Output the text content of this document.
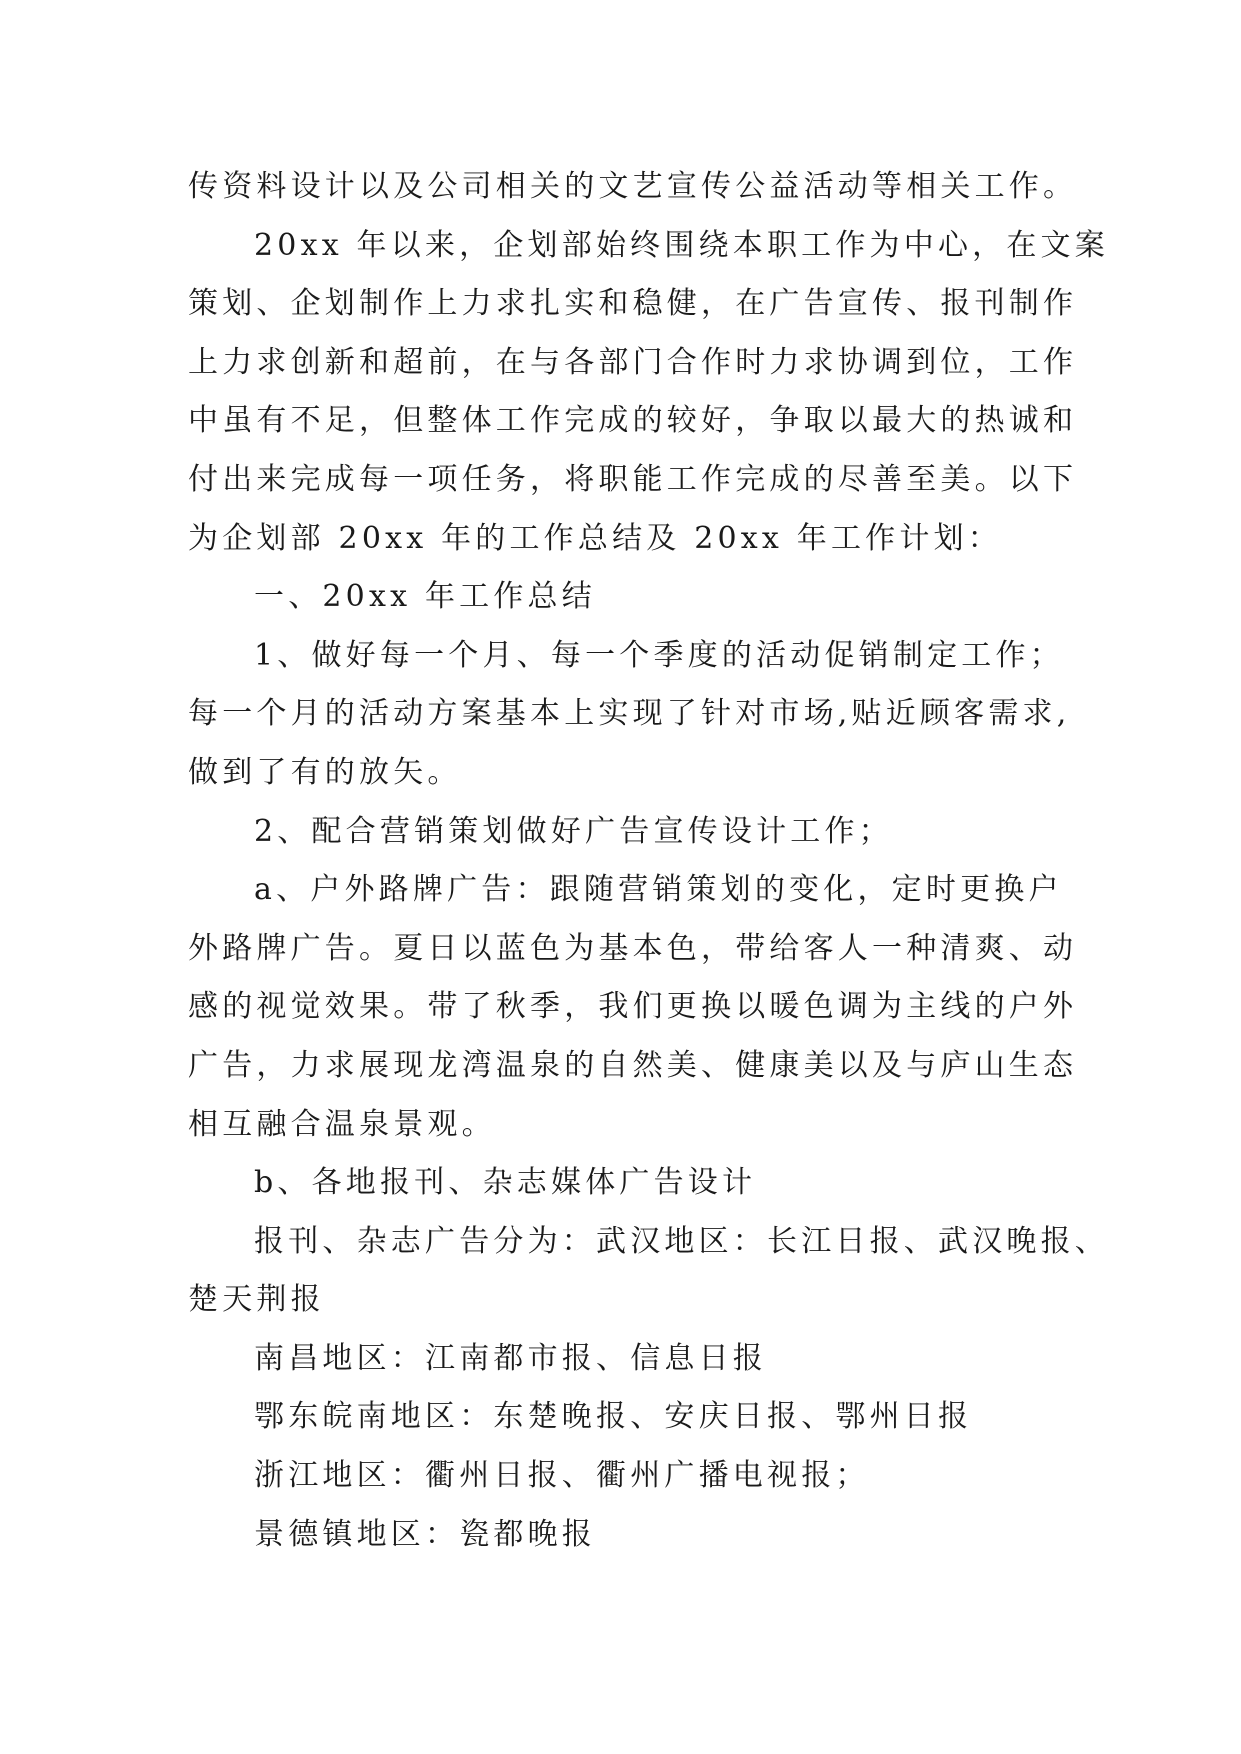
传资料设计以及公司相关的文艺宣传公益活动等相关工作。
20xx 年以来，企划部始终围绕本职工作为中心，在文案
策划、企划制作上力求扎实和稳健，在广告宣传、报刊制作
上力求创新和超前，在与各部门合作时力求协调到位，工作
中虽有不足，但整体工作完成的较好，争取以最大的热诚和
付出来完成每一项任务，将职能工作完成的尽善至美。以下
为企划部 20xx 年的工作总结及 20xx 年工作计划：
一、20xx 年工作总结
1、做好每一个月、每一个季度的活动促销制定工作；
每一个月的活动方案基本上实现了针对市场,贴近顾客需求,
做到了有的放矢。
2、配合营销策划做好广告宣传设计工作；
a、户外路牌广告：跟随营销策划的变化，定时更换户
外路牌广告。夏日以蓝色为基本色，带给客人一种清爽、动
感的视觉效果。带了秋季，我们更换以暖色调为主线的户外
广告，力求展现龙湾温泉的自然美、健康美以及与庐山生态
相互融合温泉景观。
b、各地报刊、杂志媒体广告设计
报刊、杂志广告分为：武汉地区：长江日报、武汉晚报、
楚天荆报
南昌地区：江南都市报、信息日报
鄂东皖南地区：东楚晚报、安庆日报、鄂州日报
浙江地区：衢州日报、衢州广播电视报；
景德镇地区：瓷都晚报
